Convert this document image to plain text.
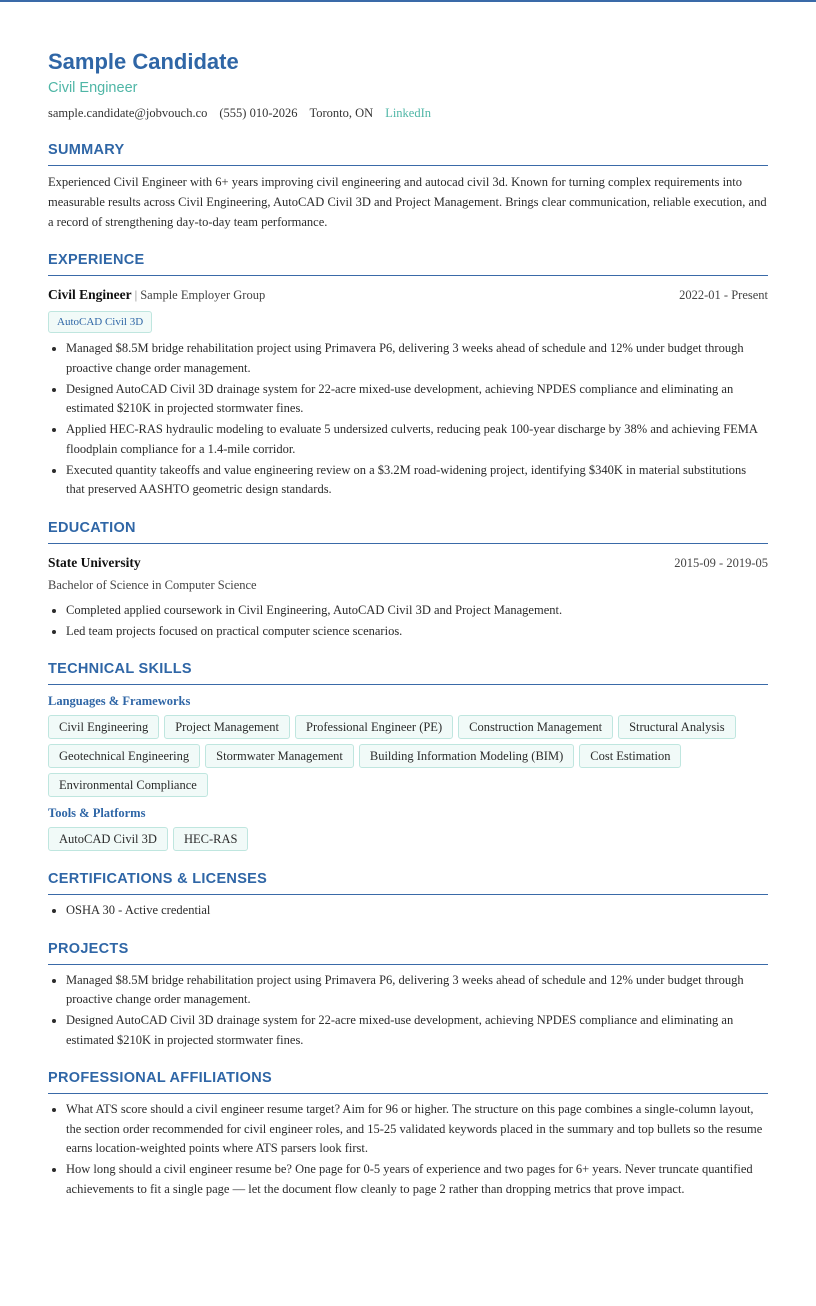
Sample Candidate
Civil Engineer
sample.candidate@jobvouch.co (555) 010-2026 Toronto, ON LinkedIn
SUMMARY
Experienced Civil Engineer with 6+ years improving civil engineering and autocad civil 3d. Known for turning complex requirements into measurable results across Civil Engineering, AutoCAD Civil 3D and Project Management. Brings clear communication, reliable execution, and a record of strengthening day-to-day team performance.
EXPERIENCE
Civil Engineer | Sample Employer Group	2022-01 - Present
AutoCAD Civil 3D
• Managed $8.5M bridge rehabilitation project using Primavera P6, delivering 3 weeks ahead of schedule and 12% under budget through proactive change order management.
• Designed AutoCAD Civil 3D drainage system for 22-acre mixed-use development, achieving NPDES compliance and eliminating an estimated $210K in projected stormwater fines.
• Applied HEC-RAS hydraulic modeling to evaluate 5 undersized culverts, reducing peak 100-year discharge by 38% and achieving FEMA floodplain compliance for a 1.4-mile corridor.
• Executed quantity takeoffs and value engineering review on a $3.2M road-widening project, identifying $340K in material substitutions that preserved AASHTO geometric design standards.
EDUCATION
State University	2015-09 - 2019-05
Bachelor of Science in Computer Science
• Completed applied coursework in Civil Engineering, AutoCAD Civil 3D and Project Management.
• Led team projects focused on practical computer science scenarios.
TECHNICAL SKILLS
Languages & Frameworks
Civil Engineering	Project Management	Professional Engineer (PE)	Construction Management	Structural Analysis
Geotechnical Engineering	Stormwater Management	Building Information Modeling (BIM)	Cost Estimation
Environmental Compliance
Tools & Platforms
AutoCAD Civil 3D	HEC-RAS
CERTIFICATIONS & LICENSES
• OSHA 30 - Active credential
PROJECTS
• Managed $8.5M bridge rehabilitation project using Primavera P6, delivering 3 weeks ahead of schedule and 12% under budget through proactive change order management.
• Designed AutoCAD Civil 3D drainage system for 22-acre mixed-use development, achieving NPDES compliance and eliminating an estimated $210K in projected stormwater fines.
PROFESSIONAL AFFILIATIONS
• What ATS score should a civil engineer resume target? Aim for 96 or higher. The structure on this page combines a single-column layout, the section order recommended for civil engineer roles, and 15-25 validated keywords placed in the summary and top bullets so the resume earns location-weighted points where ATS parsers look first.
• How long should a civil engineer resume be? One page for 0-5 years of experience and two pages for 6+ years. Never truncate quantified achievements to fit a single page — let the document flow cleanly to page 2 rather than dropping metrics that prove impact.
